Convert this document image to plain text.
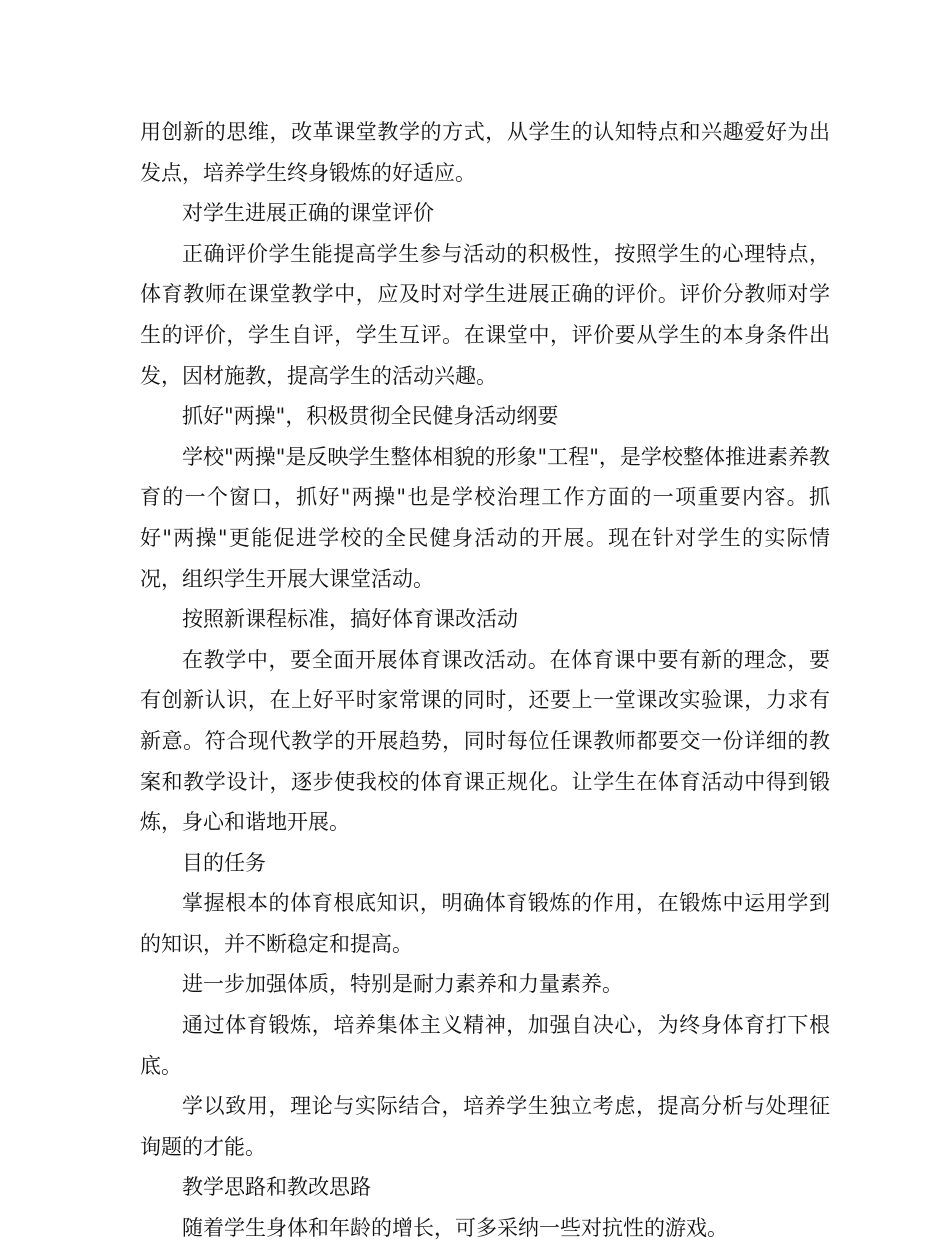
用创新的思维，改革课堂教学的方式，从学生的认知特点和兴趣爱好为出发点，培养学生终身锻炼的好适应。

对学生进展正确的课堂评价

正确评价学生能提高学生参与活动的积极性，按照学生的心理特点，体育教师在课堂教学中，应及时对学生进展正确的评价。评价分教师对学生的评价，学生自评，学生互评。在课堂中，评价要从学生的本身条件出发，因材施教，提高学生的活动兴趣。

抓好"两操"，积极贯彻全民健身活动纲要

学校"两操"是反映学生整体相貌的形象"工程"，是学校整体推进素养教育的一个窗口，抓好"两操"也是学校治理工作方面的一项重要内容。抓好"两操"更能促进学校的全民健身活动的开展。现在针对学生的实际情况，组织学生开展大课堂活动。

按照新课程标准，搞好体育课改活动

在教学中，要全面开展体育课改活动。在体育课中要有新的理念，要有创新认识，在上好平时家常课的同时，还要上一堂课改实验课，力求有新意。符合现代教学的开展趋势，同时每位任课教师都要交一份详细的教案和教学设计，逐步使我校的体育课正规化。让学生在体育活动中得到锻炼，身心和谐地开展。

目的任务

掌握根本的体育根底知识，明确体育锻炼的作用，在锻炼中运用学到的知识，并不断稳定和提高。

进一步加强体质，特别是耐力素养和力量素养。

通过体育锻炼，培养集体主义精神，加强自决心，为终身体育打下根底。

学以致用，理论与实际结合，培养学生独立考虑，提高分析与处理征询题的才能。

教学思路和教改思路

随着学生身体和年龄的增长，可多采纳一些对抗性的游戏。
